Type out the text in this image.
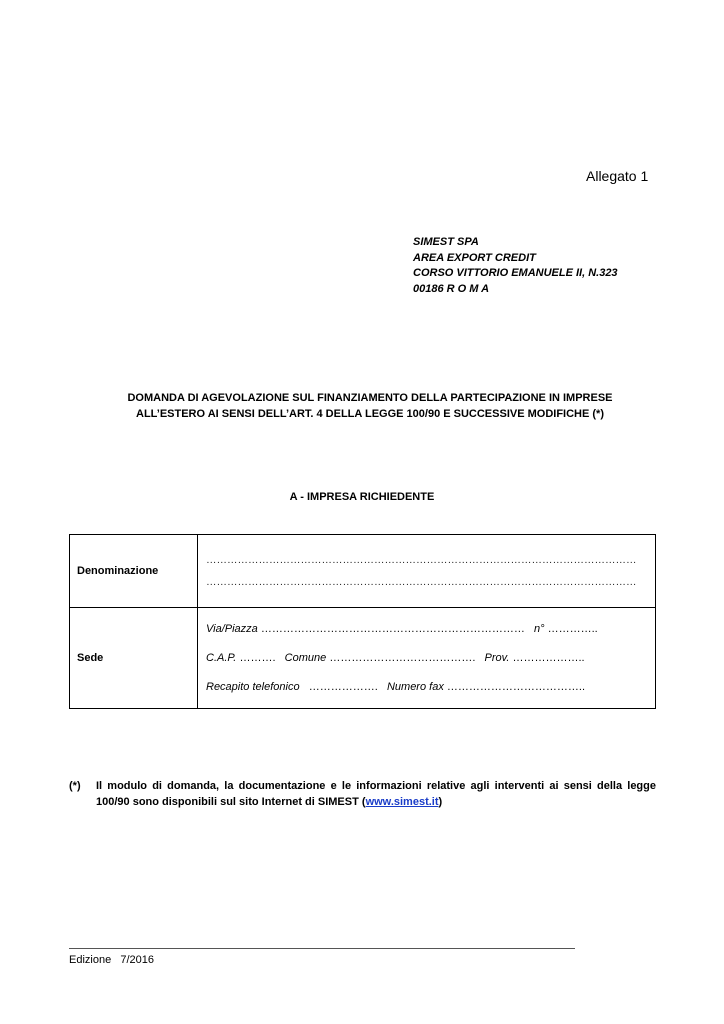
Allegato 1
SIMEST SPA
AREA EXPORT CREDIT
CORSO VITTORIO EMANUELE II, N.323
00186 R O M A
DOMANDA DI AGEVOLAZIONE SUL FINANZIAMENTO DELLA PARTECIPAZIONE IN IMPRESE
ALL’ESTERO AI SENSI DELL’ART. 4 DELLA LEGGE 100/90 E SUCCESSIVE MODIFICHE (*)
A - IMPRESA RICHIEDENTE
Denominazione	……………………………………………………………………………………………………………
……………………………………………………………………………………………………………

Sede	Via/Piazza ……………………………………………………………… n° …………..
C.A.P. ………. Comune …………………………………. Prov. ………………..
Recapito telefonico ………………. Numero fax ………………………………..
(*) Il modulo di domanda, la documentazione e le informazioni relative agli interventi ai sensi della legge 100/90 sono disponibili sul sito Internet di SIMEST (www.simest.it)
Edizione   7/2016
